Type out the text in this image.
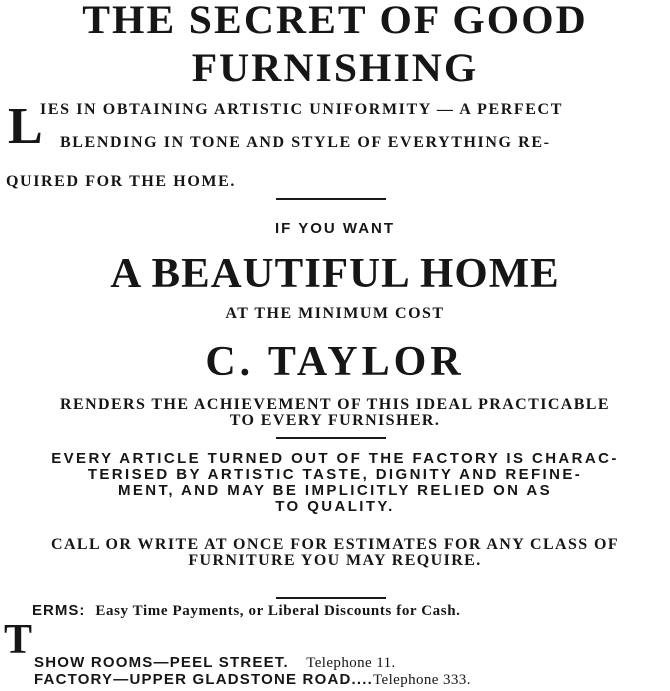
THE SECRET OF GOOD
FURNISHING
L
IES IN OBTAINING ARTISTIC UNIFORMITY — A PERFECT
BLENDING IN TONE AND STYLE OF EVERYTHING RE-
QUIRED FOR THE HOME.
IF YOU WANT
A BEAUTIFUL HOME
AT THE MINIMUM COST
C. TAYLOR
RENDERS THE ACHIEVEMENT OF THIS IDEAL PRACTICABLE
TO EVERY FURNISHER.
EVERY ARTICLE TURNED OUT OF THE FACTORY IS CHARAC-
TERISED BY ARTISTIC TASTE, DIGNITY AND REFINE-
MENT, AND MAY BE IMPLICITLY RELIED ON AS
TO QUALITY.
CALL OR WRITE AT ONCE FOR ESTIMATES FOR ANY CLASS OF
FURNITURE YOU MAY REQUIRE.
TERMS: Easy Time Payments, or Liberal Discounts for Cash.
SHOW ROOMS—PEEL STREET. Telephone 11.
FACTORY—UPPER GLADSTONE ROAD....Telephone 333.
